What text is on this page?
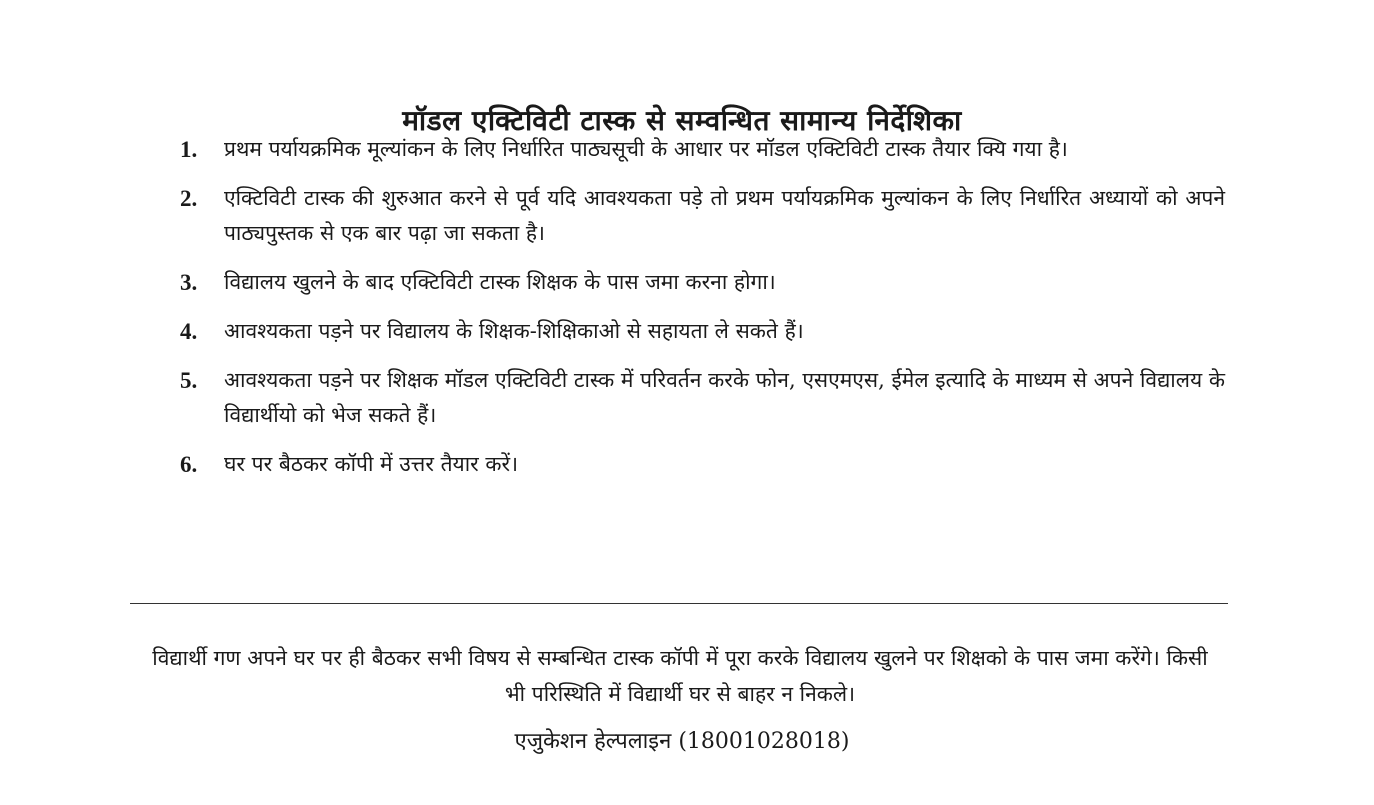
मॉडल एक्टिविटी टास्क से सम्वन्धित सामान्य निर्देशिका
1.	प्रथम पर्यायक्रमिक मूल्यांकन के लिए निर्धारित पाठ्यसूची के आधार पर मॉडल एक्टिविटी टास्क तैयार क्यि गया है।
2.	एक्टिविटी टास्क की शुरुआत करने से पूर्व यदि आवश्यकता पड़े तो प्रथम पर्यायक्रमिक मुल्यांकन के लिए निर्धारित अध्यायों को अपने पाठ्यपुस्तक से एक बार पढ़ा जा सकता है।
3.	विद्यालय खुलने के बाद एक्टिविटी टास्क शिक्षक के पास जमा करना होगा।
4.	आवश्यकता पड़ने पर विद्यालय के शिक्षक-शिक्षिकाओ से सहायता ले सकते हैं।
5.	आवश्यकता पड़ने पर शिक्षक मॉडल एक्टिविटी टास्क में परिवर्तन करके फोन, एसएमएस, ईमेल इत्यादि के माध्यम से अपने विद्यालय के विद्यार्थीयो को भेज सकते हैं।
6.	घर पर बैठकर कॉपी में उत्तर तैयार करें।

विद्यार्थी गण अपने घर पर ही बैठकर सभी विषय से सम्बन्धित टास्क कॉपी में पूरा करके विद्यालय खुलने पर शिक्षको के पास जमा करेंगे। किसी भी परिस्थिति में विद्यार्थी घर से बाहर न निकले।

एजुकेशन हेल्पलाइन (18001028018)
